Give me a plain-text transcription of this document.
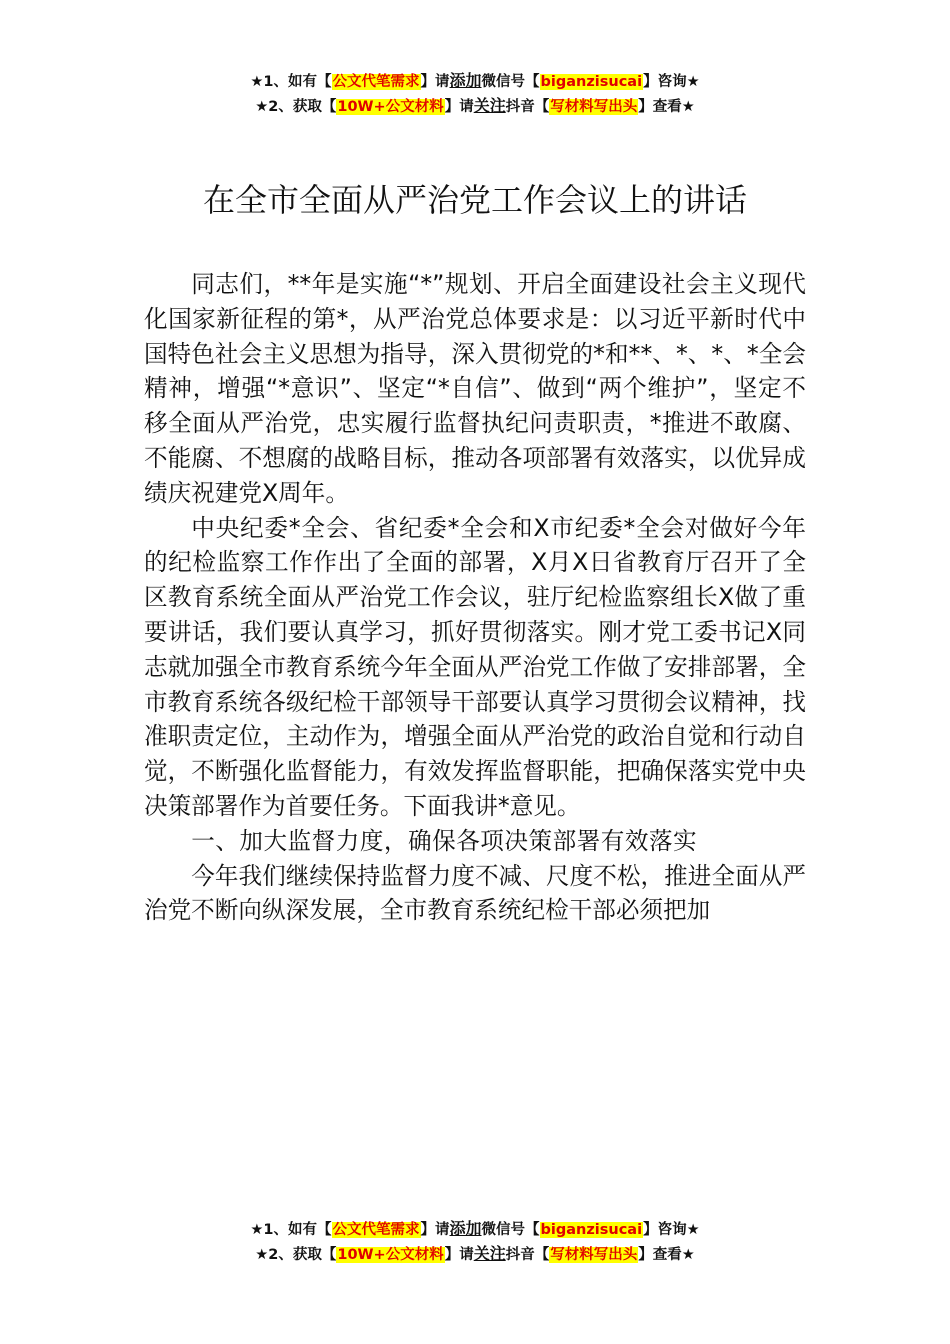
★1、如有【公文代笔需求】请添加微信号【biganzisucai】咨询★
★2、获取【10W+公文材料】请关注抖音【写材料写出头】查看★
在全市全面从严治党工作会议上的讲话

同志们，**年是实施“*”规划、开启全面建设社会主义现代化国家新征程的第*，从严治党总体要求是：以习近平新时代中国特色社会主义思想为指导，深入贯彻党的*和**、*、*、*全会精神，增强“*意识”、坚定“*自信”、做到“两个维护”，坚定不移全面从严治党，忠实履行监督执纪问责职责，*推进不敢腐、不能腐、不想腐的战略目标，推动各项部署有效落实，以优异成绩庆祝建党X周年。

中央纪委*全会、省纪委*全会和X市纪委*全会对做好今年的纪检监察工作作出了全面的部署，X月X日省教育厅召开了全区教育系统全面从严治党工作会议，驻厅纪检监察组长X做了重要讲话，我们要认真学习，抓好贯彻落实。刚才党工委书记X同志就加强全市教育系统今年全面从严治党工作做了安排部署，全市教育系统各级纪检干部领导干部要认真学习贯彻会议精神，找准职责定位，主动作为，增强全面从严治党的政治自觉和行动自觉，不断强化监督能力，有效发挥监督职能，把确保落实党中央决策部署作为首要任务。下面我讲*意见。

一、加大监督力度，确保各项决策部署有效落实

今年我们继续保持监督力度不减、尺度不松，推进全面从严治党不断向纵深发展，全市教育系统纪检干部必须把加

★1、如有【公文代笔需求】请添加微信号【biganzisucai】咨询★
★2、获取【10W+公文材料】请关注抖音【写材料写出头】查看★
